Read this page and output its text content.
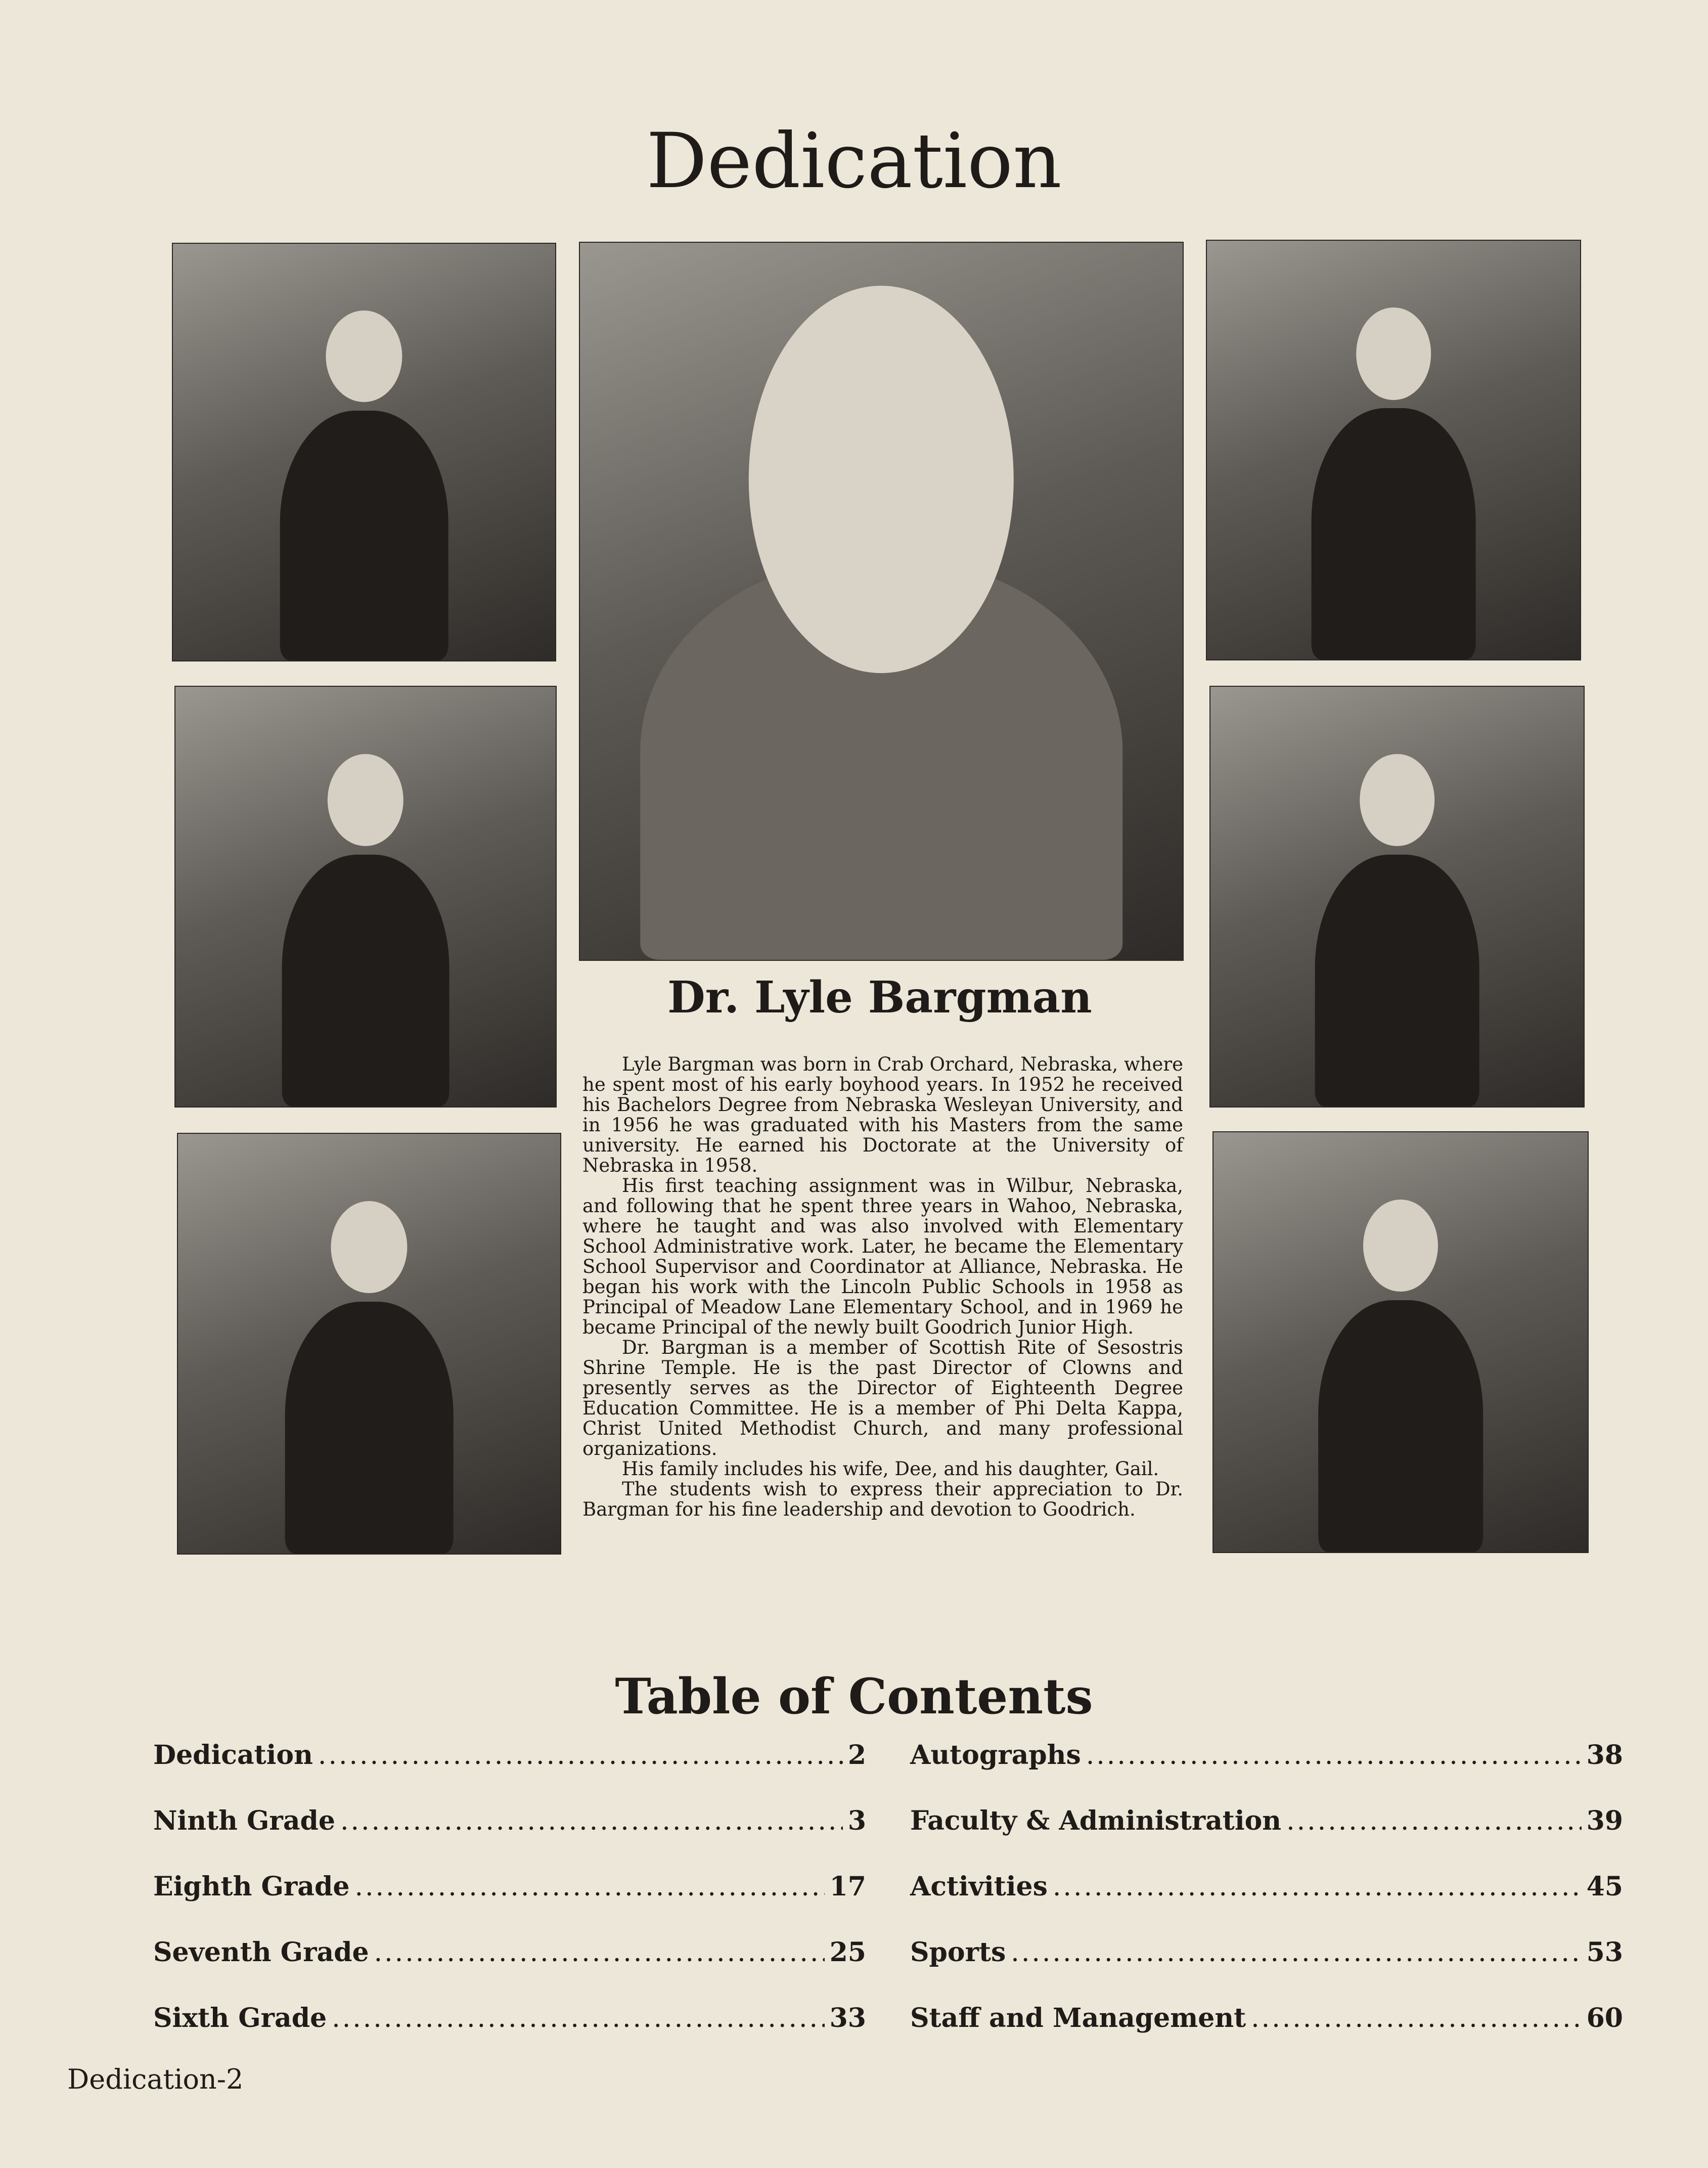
Dedication
Dr. Lyle Bargman

Lyle Bargman was born in Crab Orchard, Nebraska, where he spent most of his early boyhood years. In 1952 he received his Bachelors Degree from Nebraska Wesleyan University, and in 1956 he was graduated with his Masters from the same university. He earned his Doctorate at the University of Nebraska in 1958.

His first teaching assignment was in Wilbur, Nebraska, and following that he spent three years in Wahoo, Nebraska, where he taught and was also involved with Elementary School Administrative work. Later, he became the Elementary School Supervisor and Coordinator at Alliance, Nebraska. He began his work with the Lincoln Public Schools in 1958 as Principal of Meadow Lane Elementary School, and in 1969 he became Principal of the newly built Goodrich Junior High.

Dr. Bargman is a member of Scottish Rite of Sesostris Shrine Temple. He is the past Director of Clowns and presently serves as the Director of Eighteenth Degree Education Committee. He is a member of Phi Delta Kappa, Christ United Methodist Church, and many professional organizations.

His family includes his wife, Dee, and his daughter, Gail.

The students wish to express their appreciation to Dr. Bargman for his fine leadership and devotion to Goodrich.

Table of Contents
Dedication .....	2
Ninth Grade .....	3
Eighth Grade .....	17
Seventh Grade .....	25
Sixth Grade .....	33
Autographs .....	38
Faculty & Administration .....	39
Activities .....	45
Sports .....	53
Staff and Management .....	60

Dedication-2
